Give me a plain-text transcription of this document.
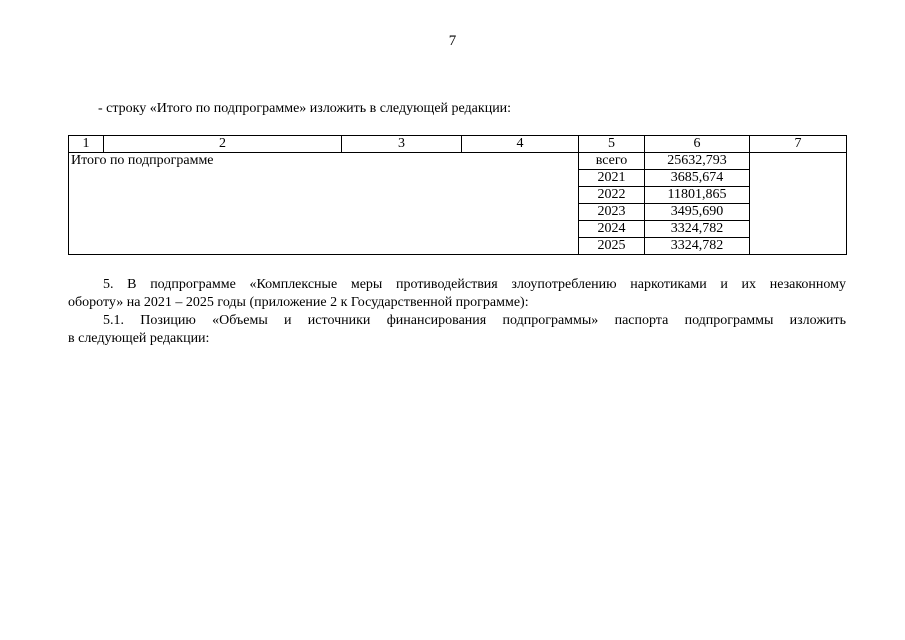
7
- строку «Итого по подпрограмме» изложить в следующей редакции:
1	2	3	4	5	6	7
Итого по подпрограмме				всего	25632,793	
				2021	3685,674	
				2022	11801,865	
				2023	3495,690	
				2024	3324,782	
				2025	3324,782	
5. В подпрограмме «Комплексные меры противодействия злоупотреблению наркотиками и их незаконному
обороту» на 2021 – 2025 годы (приложение 2 к Государственной программе):
5.1. Позицию «Объемы и источники финансирования подпрограммы» паспорта подпрограммы изложить
в следующей редакции:
